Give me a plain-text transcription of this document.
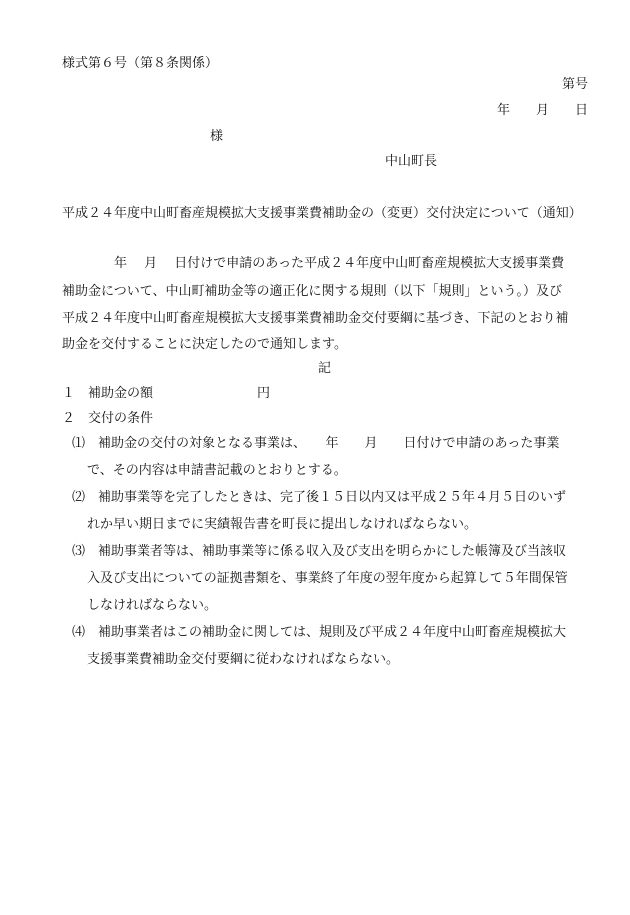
様式第６号（第８条関係）
第号
年　　月　　日
様
中山町長
平成２４年度中山町畜産規模拡大支援事業費補助金の（変更）交付決定について（通知）
　　　　年　 月　 日付けで申請のあった平成２４年度中山町畜産規模拡大支援事業費
補助金について、中山町補助金等の適正化に関する規則（以下「規則」という。）及び
平成２４年度中山町畜産規模拡大支援事業費補助金交付要綱に基づき、下記のとおり補
助金を交付することに決定したので通知します。
記
１　補助金の額　　　　　　　　円
２　交付の条件
⑴　補助金の交付の対象となる事業は、　　年　　月　　日付けで申請のあった事業
で、その内容は申請書記載のとおりとする。
⑵　補助事業等を完了したときは、完了後１５日以内又は平成２５年４月５日のいず
れか早い期日までに実績報告書を町長に提出しなければならない。
⑶　補助事業者等は、補助事業等に係る収入及び支出を明らかにした帳簿及び当該収
入及び支出についての証拠書類を、事業終了年度の翌年度から起算して５年間保管
しなければならない。
⑷　補助事業者はこの補助金に関しては、規則及び平成２４年度中山町畜産規模拡大
支援事業費補助金交付要綱に従わなければならない。
